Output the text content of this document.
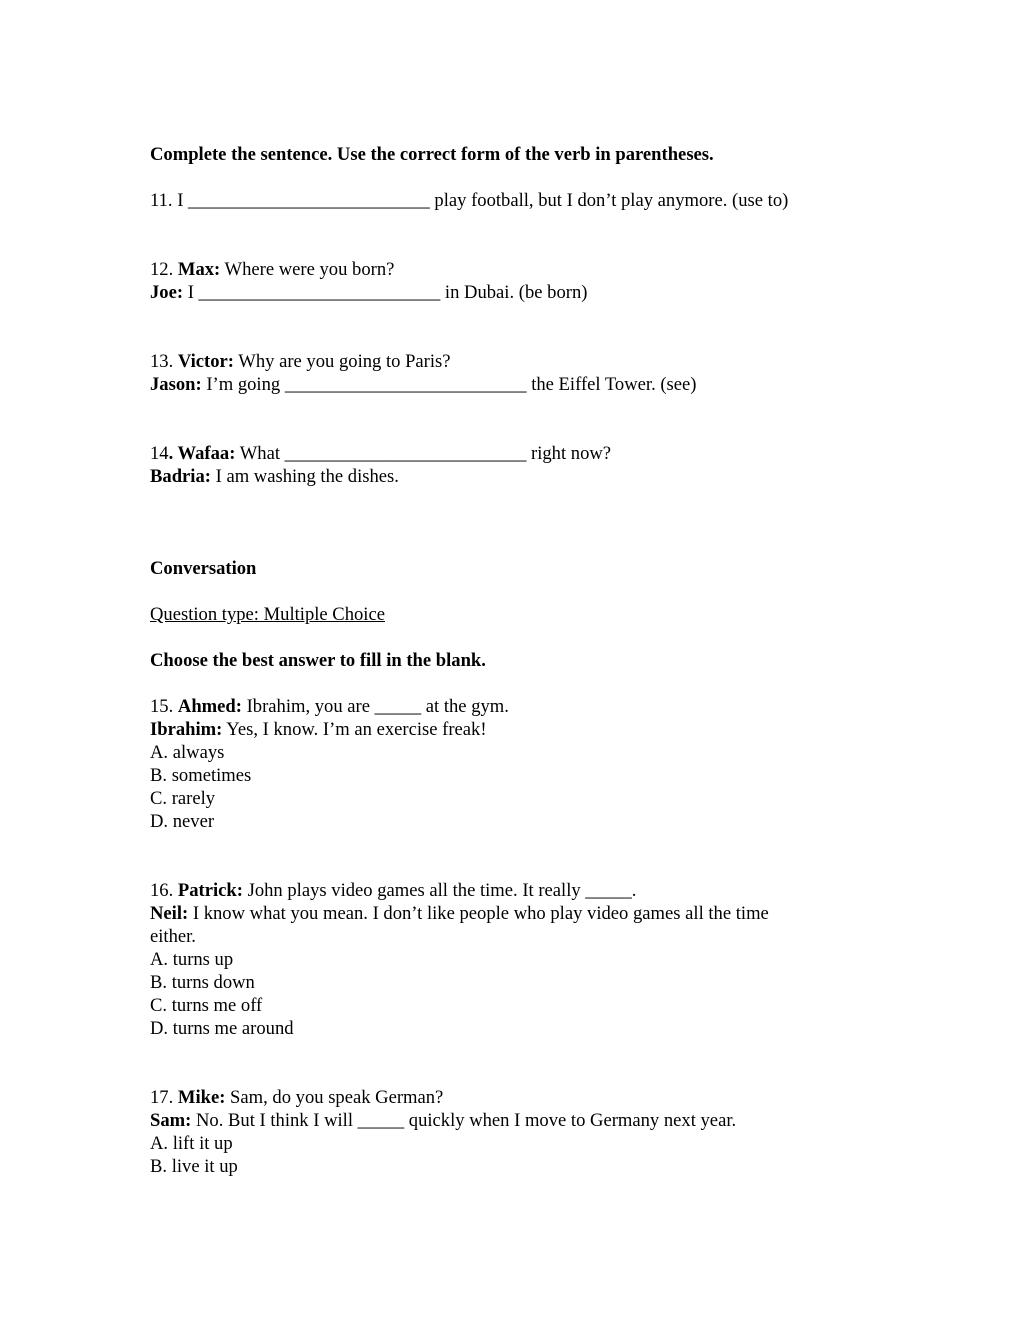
Complete the sentence. Use the correct form of the verb in parentheses.
11. I __________________________ play football, but I don’t play anymore. (use to)
12. Max: Where were you born?
Joe: I __________________________ in Dubai. (be born)
13. Victor: Why are you going to Paris?
Jason: I’m going __________________________ the Eiffel Tower. (see)
14. Wafaa: What __________________________ right now?
Badria: I am washing the dishes.
Conversation
Question type: Multiple Choice
Choose the best answer to fill in the blank.
15. Ahmed: Ibrahim, you are _____ at the gym.
Ibrahim: Yes, I know. I’m an exercise freak!
A. always
B. sometimes
C. rarely
D. never
16. Patrick: John plays video games all the time. It really _____.
Neil: I know what you mean. I don’t like people who play video games all the time
either.
A. turns up
B. turns down
C. turns me off
D. turns me around
17. Mike: Sam, do you speak German?
Sam: No. But I think I will _____ quickly when I move to Germany next year.
A. lift it up
B. live it up
